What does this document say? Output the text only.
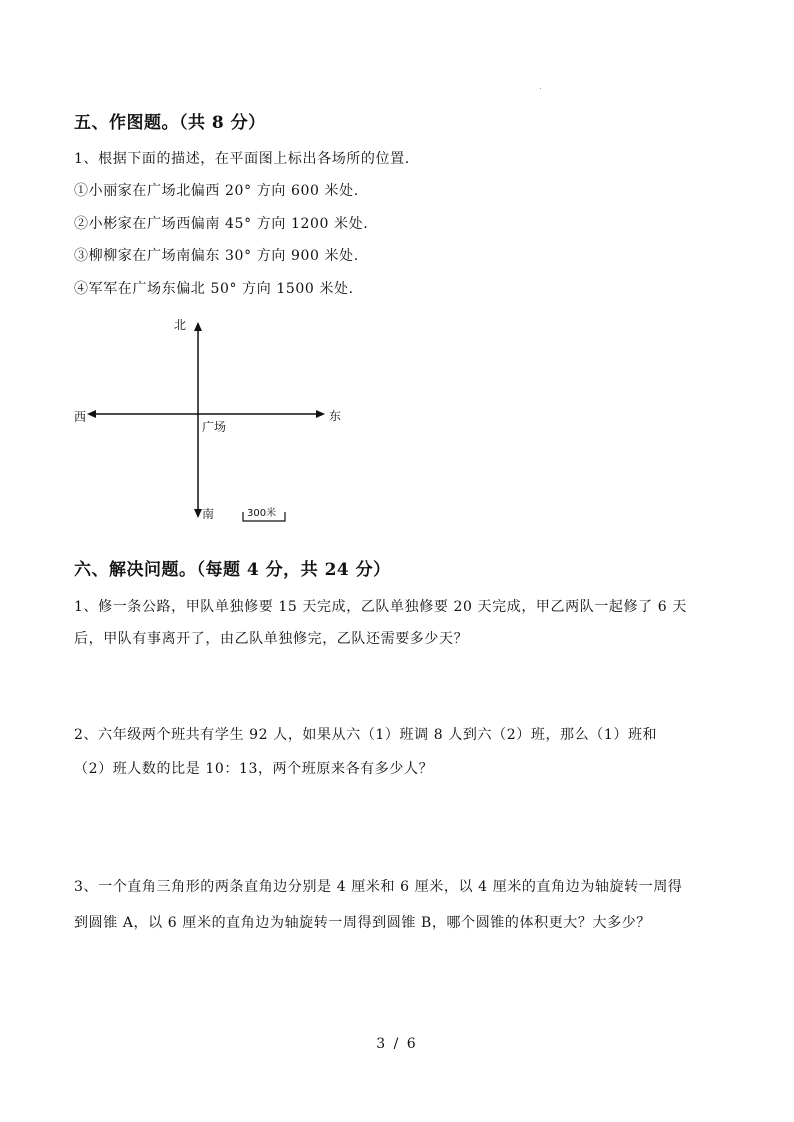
五、作图题。（共 8 分）
1、根据下面的描述，在平面图上标出各场所的位置.
①小丽家在广场北偏西 20° 方向 600 米处.
②小彬家在广场西偏南 45° 方向 1200 米处.
③柳柳家在广场南偏东 30° 方向 900 米处.
④军军在广场东偏北 50° 方向 1500 米处.
北
南
东
西
广场
300米
六、解决问题。（每题 4 分，共 24 分）
1、修一条公路，甲队单独修要 15 天完成，乙队单独修要 20 天完成，甲乙两队一起修了 6 天
后，甲队有事离开了，由乙队单独修完，乙队还需要多少天？
2、六年级两个班共有学生 92 人，如果从六（1）班调 8 人到六（2）班，那么（1）班和
（2）班人数的比是 10：13，两个班原来各有多少人？
3、一个直角三角形的两条直角边分别是 4 厘米和 6 厘米，以 4 厘米的直角边为轴旋转一周得
到圆锥 A，以 6 厘米的直角边为轴旋转一周得到圆锥 B，哪个圆锥的体积更大？大多少？
3 / 6
